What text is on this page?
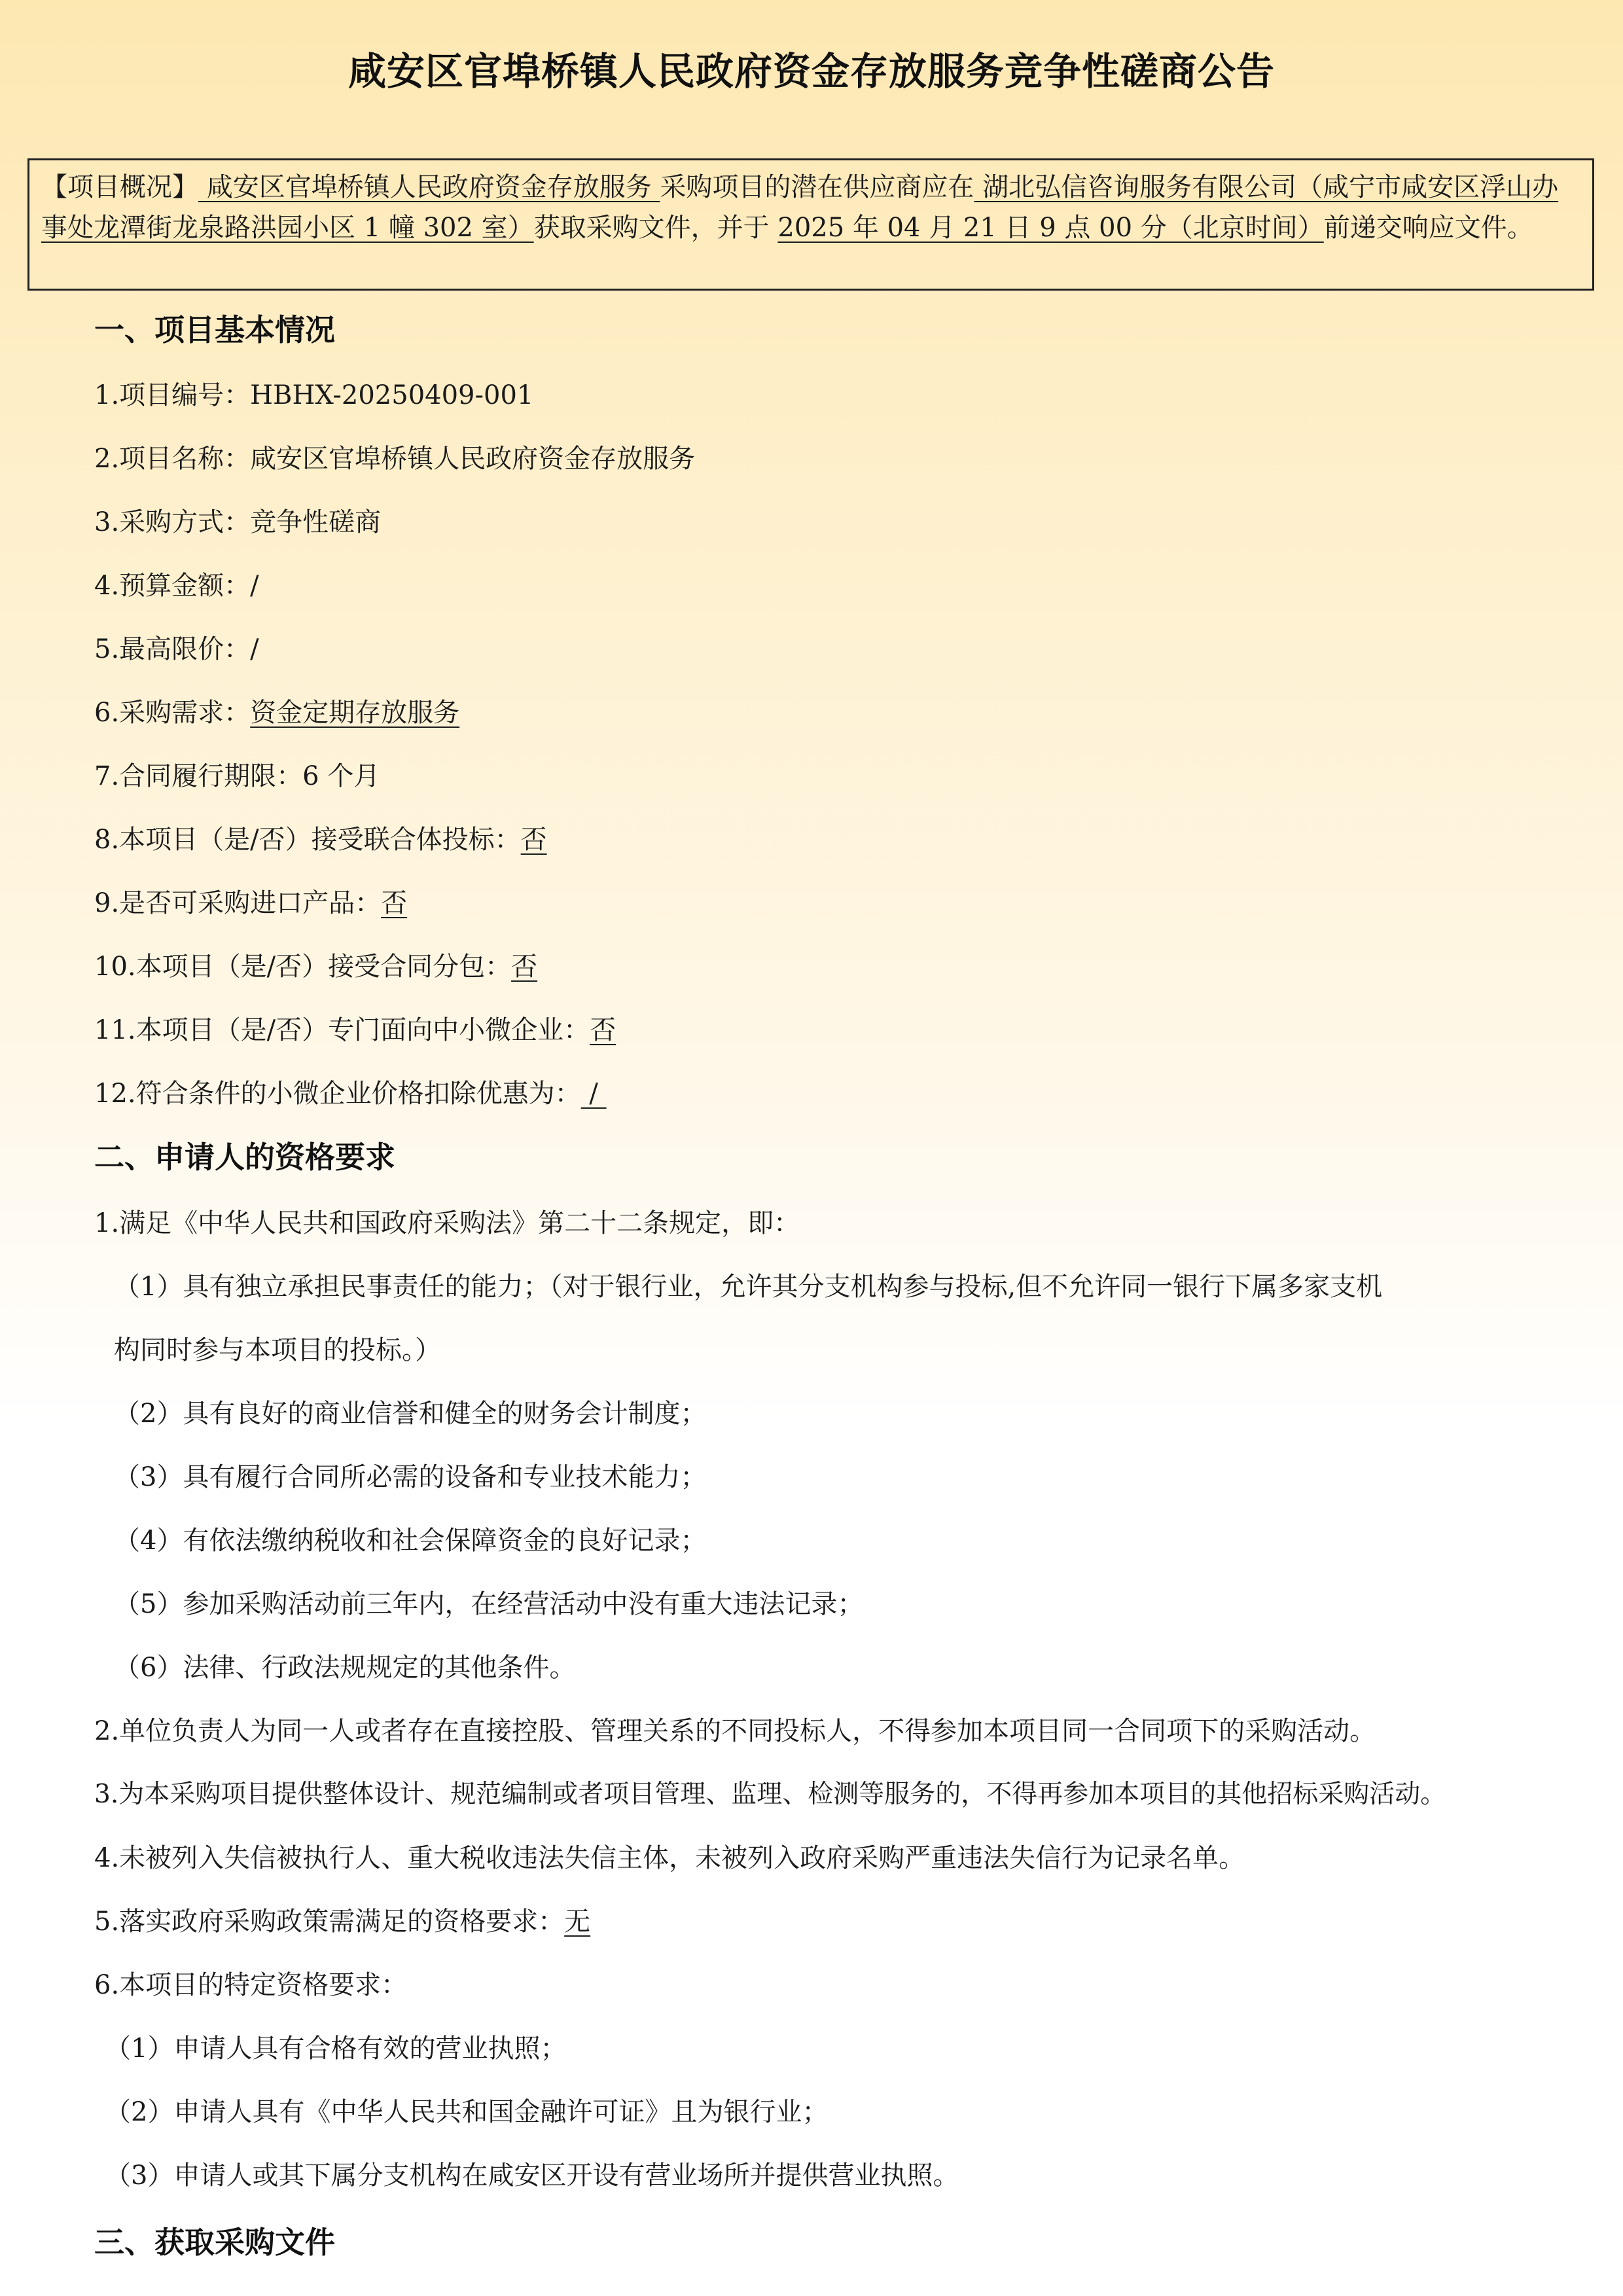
咸安区官埠桥镇人民政府资金存放服务竞争性磋商公告
【项目概况】 咸安区官埠桥镇人民政府资金存放服务 采购项目的潜在供应商应在 湖北弘信咨询服务有限公司（咸宁市咸安区浮山办事处龙潭街龙泉路洪园小区 1 幢 302 室）获取采购文件，并于 2025 年 04 月 21 日 9 点 00 分（北京时间）前递交响应文件。
一、项目基本情况
1.项目编号：HBHX-20250409-001
2.项目名称：咸安区官埠桥镇人民政府资金存放服务
3.采购方式：竞争性磋商
4.预算金额：/
5.最高限价：/
6.采购需求：资金定期存放服务
7.合同履行期限：6 个月
8.本项目（是/否）接受联合体投标：否
9.是否可采购进口产品：否
10.本项目（是/否）接受合同分包：否
11.本项目（是/否）专门面向中小微企业：否
12.符合条件的小微企业价格扣除优惠为： /
二、申请人的资格要求
1.满足《中华人民共和国政府采购法》第二十二条规定，即：
（1）具有独立承担民事责任的能力；（对于银行业，允许其分支机构参与投标,但不允许同一银行下属多家支机
构同时参与本项目的投标。）
（2）具有良好的商业信誉和健全的财务会计制度；
（3）具有履行合同所必需的设备和专业技术能力；
（4）有依法缴纳税收和社会保障资金的良好记录；
（5）参加采购活动前三年内，在经营活动中没有重大违法记录；
（6）法律、行政法规规定的其他条件。
2.单位负责人为同一人或者存在直接控股、管理关系的不同投标人，不得参加本项目同一合同项下的采购活动。
3.为本采购项目提供整体设计、规范编制或者项目管理、监理、检测等服务的，不得再参加本项目的其他招标采购活动。
4.未被列入失信被执行人、重大税收违法失信主体，未被列入政府采购严重违法失信行为记录名单。
5.落实政府采购政策需满足的资格要求：无
6.本项目的特定资格要求：
（1）申请人具有合格有效的营业执照；
（2）申请人具有《中华人民共和国金融许可证》且为银行业；
（3）申请人或其下属分支机构在咸安区开设有营业场所并提供营业执照。
三、获取采购文件
